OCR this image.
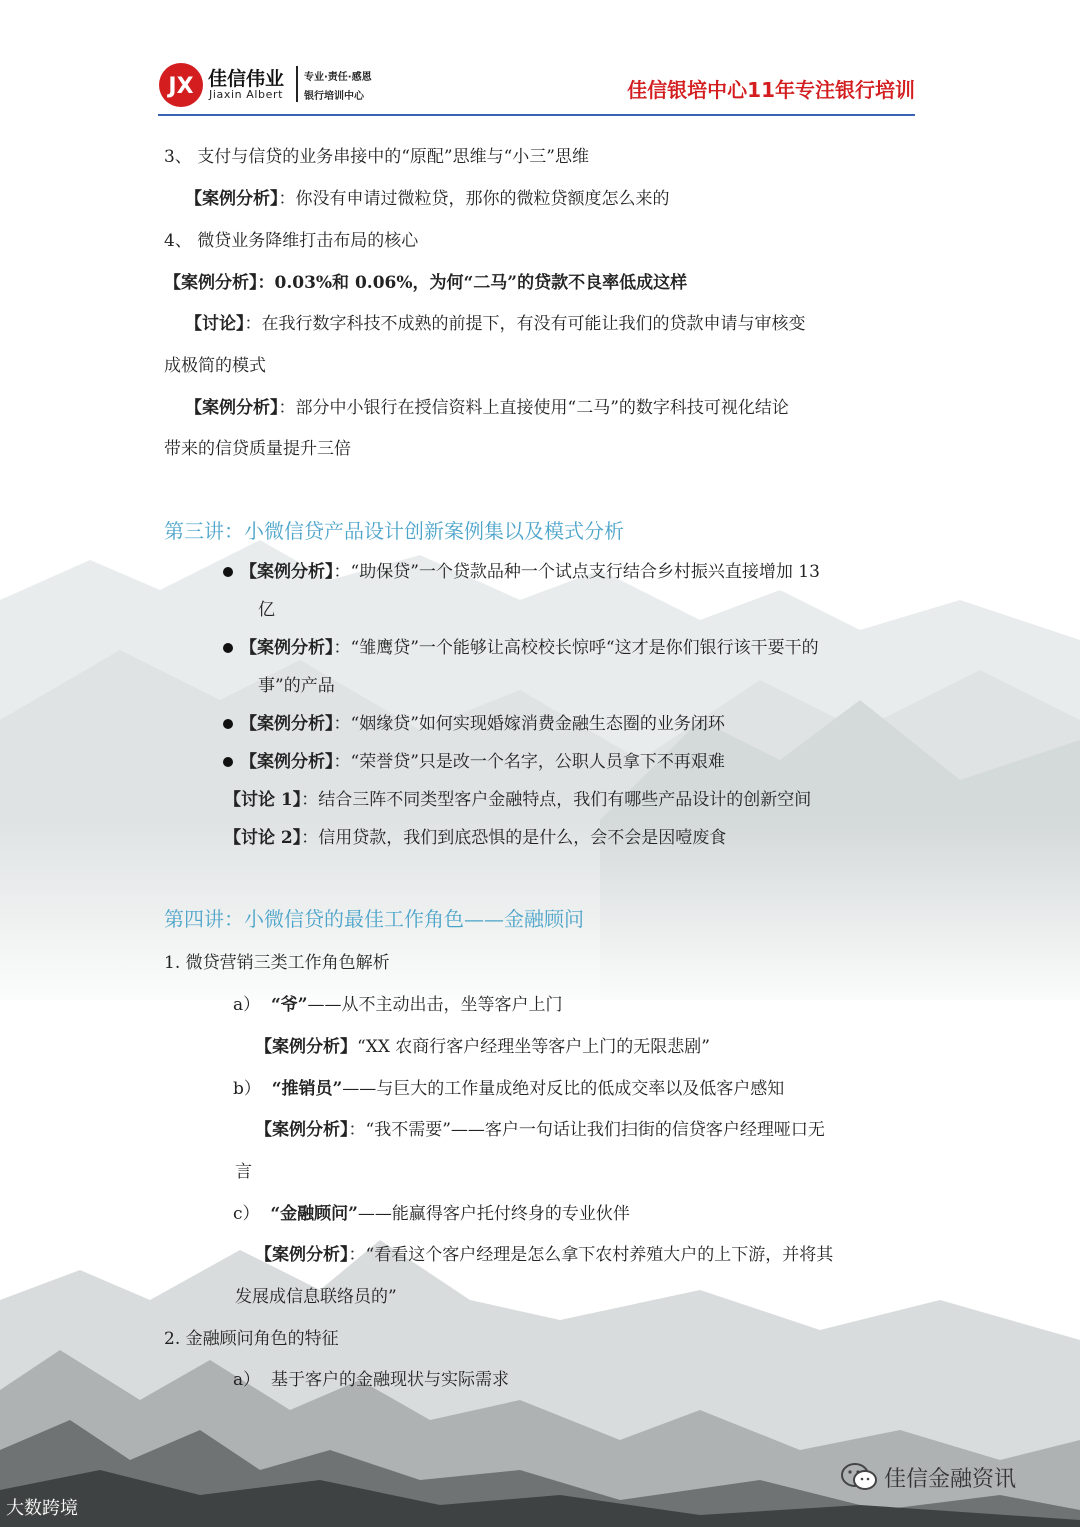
JX 佳信伟业
Jiaxin Albert
专业·责任·感恩
银行培训中心	佳信银培中心11年专注银行培训
3、 支付与信贷的业务串接中的“原配”思维与“小三”思维
【案例分析】：你没有申请过微粒贷，那你的微粒贷额度怎么来的
4、 微贷业务降维打击布局的核心
【案例分析】：0.03%和 0.06%，为何“二马”的贷款不良率低成这样
【讨论】：在我行数字科技不成熟的前提下，有没有可能让我们的贷款申请与审核变
成极简的模式
【案例分析】：部分中小银行在授信资料上直接使用“二马”的数字科技可视化结论
带来的信贷质量提升三倍
第三讲：小微信贷产品设计创新案例集以及模式分析
【案例分析】：“助保贷”一个贷款品种一个试点支行结合乡村振兴直接增加 13
亿
【案例分析】：“雏鹰贷”一个能够让高校校长惊呼“这才是你们银行该干要干的
事”的产品
【案例分析】：“姻缘贷”如何实现婚嫁消费金融生态圈的业务闭环
【案例分析】：“荣誉贷”只是改一个名字，公职人员拿下不再艰难
【讨论 1】：结合三阵不同类型客户金融特点，我们有哪些产品设计的创新空间
【讨论 2】：信用贷款，我们到底恐惧的是什么，会不会是因噎废食
第四讲：小微信贷的最佳工作角色——金融顾问
1. 微贷营销三类工作角色解析
a） “爷”——从不主动出击，坐等客户上门
【案例分析】“XX 农商行客户经理坐等客户上门的无限悲剧”
b） “推销员”——与巨大的工作量成绝对反比的低成交率以及低客户感知
【案例分析】：“我不需要”——客户一句话让我们扫街的信贷客户经理哑口无
言
c） “金融顾问”——能赢得客户托付终身的专业伙伴
【案例分析】：“看看这个客户经理是怎么拿下农村养殖大户的上下游，并将其
发展成信息联络员的”
2. 金融顾问角色的特征
a） 基于客户的金融现状与实际需求
佳信金融资讯
大数跨境
